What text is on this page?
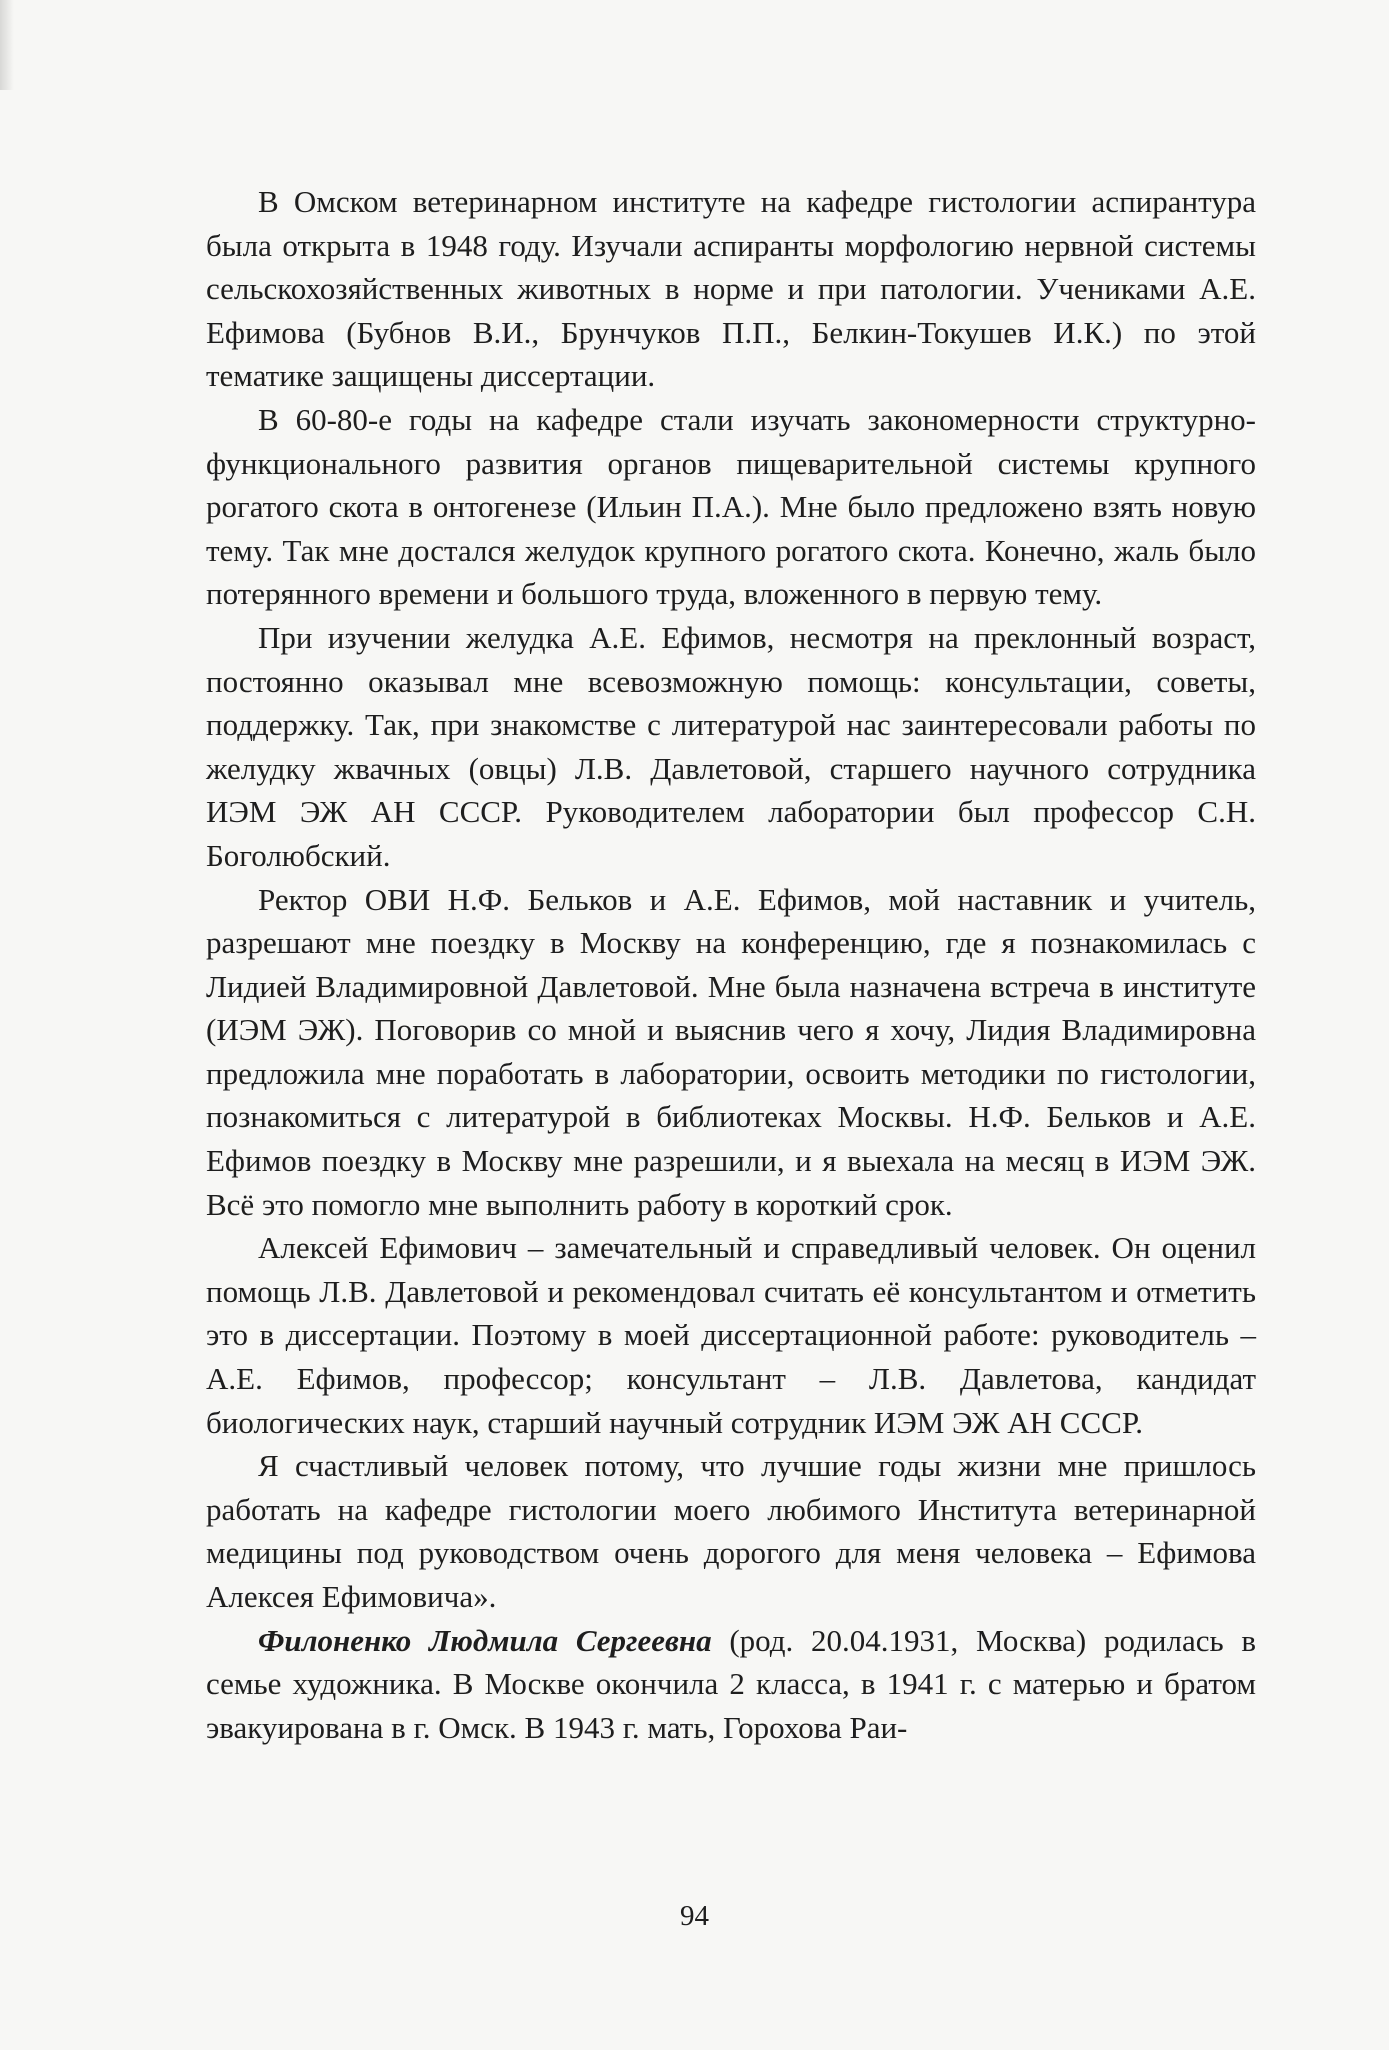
В Омском ветеринарном институте на кафедре гистологии аспирантура была открыта в 1948 году. Изучали аспиранты морфологию нервной системы сельскохозяйственных животных в норме и при патологии. Учениками А.Е. Ефимова (Бубнов В.И., Брунчуков П.П., Белкин-Токушев И.К.) по этой тематике защищены диссертации.

В 60-80-е годы на кафедре стали изучать закономерности структурно- функционального развития органов пищеварительной системы крупного рогатого скота в онтогенезе (Ильин П.А.). Мне было предложено взять новую тему. Так мне достался желудок крупного рогатого скота. Конечно, жаль было потерянного времени и большого труда, вложенного в первую тему.

При изучении желудка А.Е. Ефимов, несмотря на преклонный возраст, постоянно оказывал мне всевозможную помощь: консультации, советы, поддержку. Так, при знакомстве с литературой нас заинтересовали работы по желудку жвачных (овцы) Л.В. Давлетовой, старшего научного сотрудника ИЭМ ЭЖ АН СССР. Руководителем лаборатории был профессор С.Н. Боголюбский.

Ректор ОВИ Н.Ф. Бельков и А.Е. Ефимов, мой наставник и учитель, разрешают мне поездку в Москву на конференцию, где я познакомилась с Лидией Владимировной Давлетовой. Мне была назначена встреча в институте (ИЭМ ЭЖ). Поговорив со мной и выяснив чего я хочу, Лидия Владимировна предложила мне поработать в лаборатории, освоить методики по гистологии, познакомиться с литературой в библиотеках Москвы. Н.Ф. Бельков и А.Е. Ефимов поездку в Москву мне разрешили, и я выехала на месяц в ИЭМ ЭЖ. Всё это помогло мне выполнить работу в короткий срок.

Алексей Ефимович – замечательный и справедливый человек. Он оценил помощь Л.В. Давлетовой и рекомендовал считать её консультантом и отметить это в диссертации. Поэтому в моей диссертационной работе: руководитель – А.Е. Ефимов, профессор; консультант – Л.В. Давлетова, кандидат биологических наук, старший научный сотрудник ИЭМ ЭЖ АН СССР.

Я счастливый человек потому, что лучшие годы жизни мне пришлось работать на кафедре гистологии моего любимого Института ветеринарной медицины под руководством очень дорогого для меня человека – Ефимова Алексея Ефимовича».

Филоненко Людмила Сергеевна (род. 20.04.1931, Москва) родилась в семье художника. В Москве окончила 2 класса, в 1941 г. с матерью и братом эвакуирована в г. Омск. В 1943 г. мать, Горохова Раи-

94
